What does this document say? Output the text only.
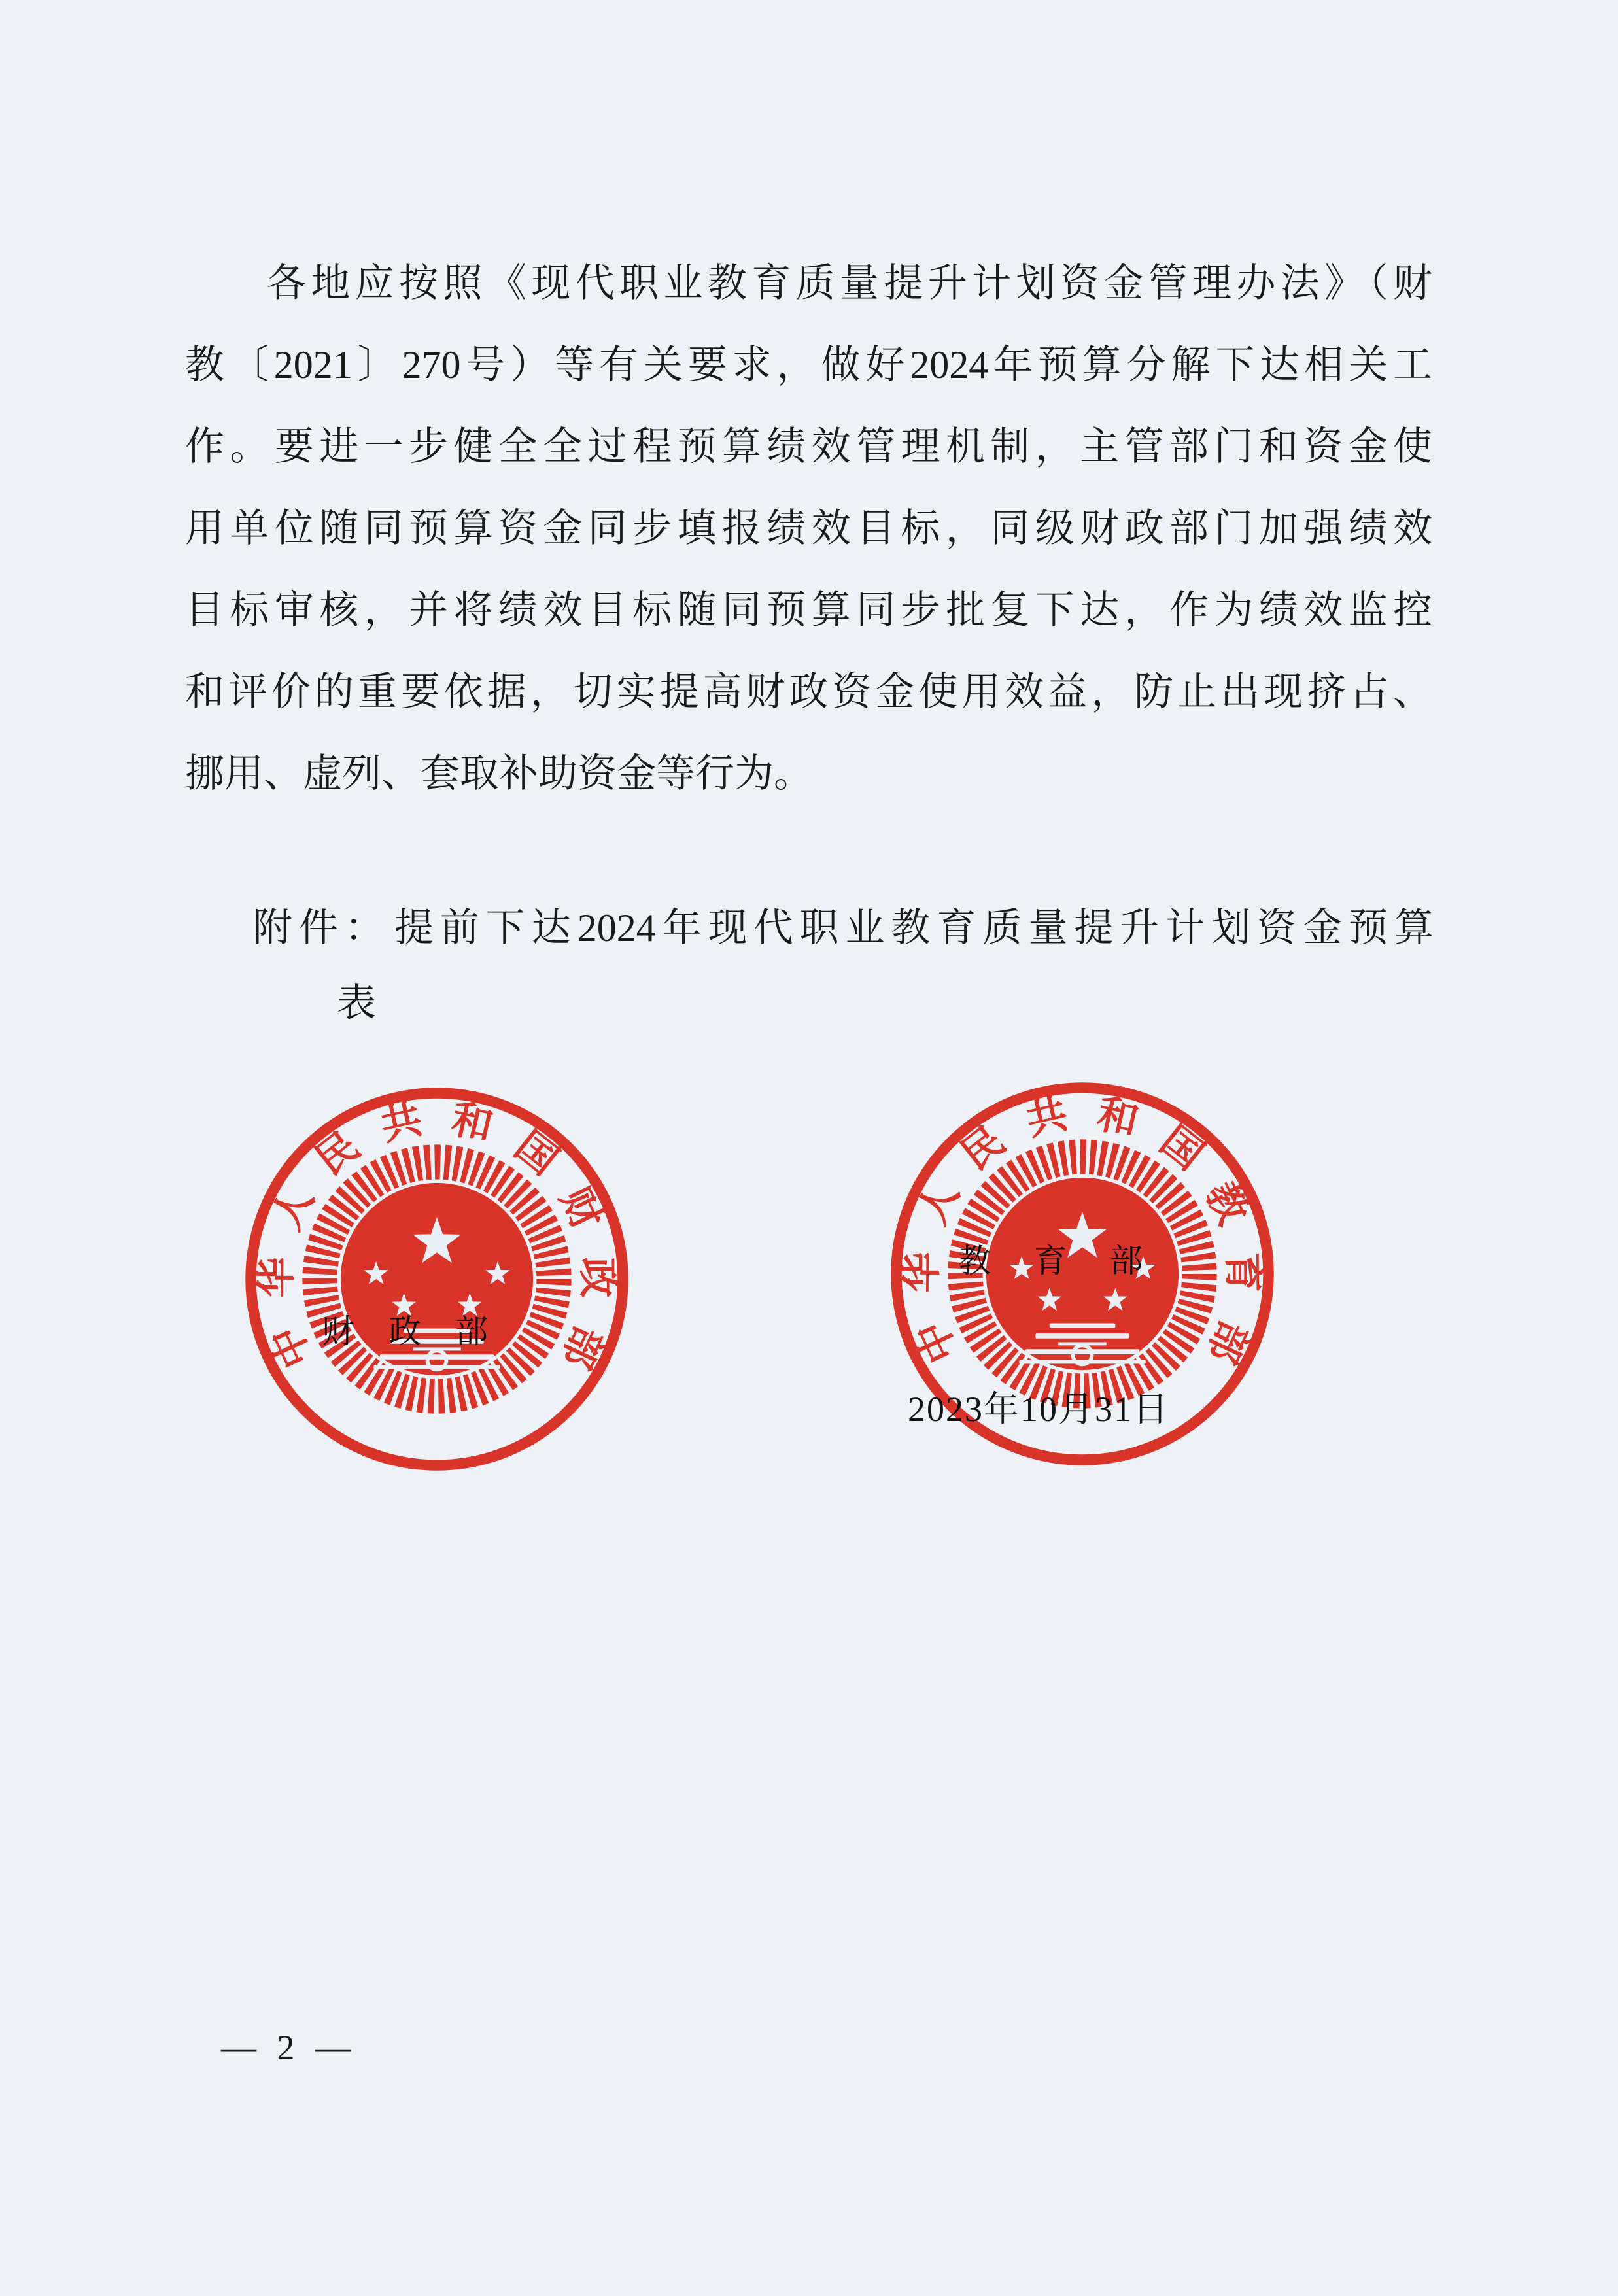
各地应按照《现代职业教育质量提升计划资金管理办法》（财
教〔2021〕270号）等有关要求，做好2024年预算分解下达相关工
作。要进一步健全全过程预算绩效管理机制，主管部门和资金使
用单位随同预算资金同步填报绩效目标，同级财政部门加强绩效
目标审核，并将绩效目标随同预算同步批复下达，作为绩效监控
和评价的重要依据，切实提高财政资金使用效益，防止出现挤占、
挪用、虚列、套取补助资金等行为。
附件： 提前下达2024年现代职业教育质量提升计划资金预算
表
中
华
人
民
共 和
国
财
政
部	中
华
人
民
共 和
国
教
育
部
财政部
教育部
2023年10月31日
— 2 —
